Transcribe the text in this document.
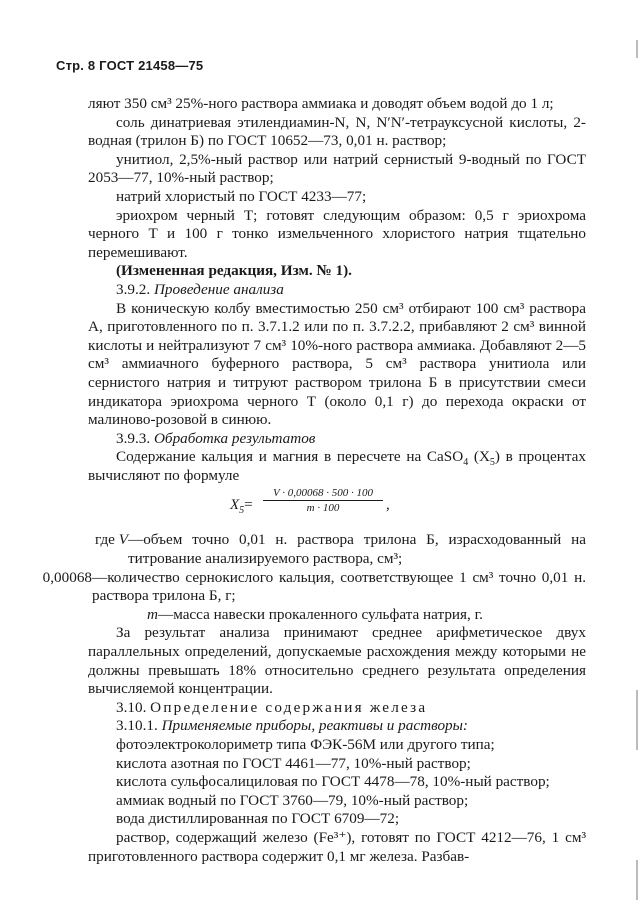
Стр. 8 ГОСТ 21458—75

ляют 350 см³ 25%-ного раствора аммиака и доводят объем водой до 1 л;

соль динатриевая этилендиамин-N, N, N′N′-тетрауксусной кислоты, 2-водная (трилон Б) по ГОСТ 10652—73, 0,01 н. раствор;

унитиол, 2,5%-ный раствор или натрий сернистый 9-водный по ГОСТ 2053—77, 10%-ный раствор;

натрий хлористый по ГОСТ 4233—77;

эриохром черный Т; готовят следующим образом: 0,5 г эриохрома черного Т и 100 г тонко измельченного хлористого натрия тщательно перемешивают.

(Измененная редакция, Изм. № 1).

3.9.2. Проведение анализа

В коническую колбу вместимостью 250 см³ отбирают 100 см³ раствора А, приготовленного по п. 3.7.1.2 или по п. 3.7.2.2, прибавляют 2 см³ винной кислоты и нейтрализуют 7 см³ 10%-ного раствора аммиака. Добавляют 2—5 см³ аммиачного буферного раствора, 5 см³ раствора унитиола или сернистого натрия и титруют раствором трилона Б в присутствии смеси индикатора эриохрома черного Т (около 0,1 г) до перехода окраски от малиново-розовой в синюю.

3.9.3. Обработка результатов

Содержание кальция и магния в пересчете на CaSO$_4$ $(X_5)$ в процентах вычисляют по формуле

$X_5= \frac{V \cdot 0,00068 \cdot 500 \cdot 100}{m \cdot 100}$ ,
где V —объем точно 0,01 н. раствора трилона Б, израсходованный на титрование анализируемого раствора, см³;
0,00068 —количество сернокислого кальция, соответствующее 1 см³ точно 0,01 н. раствора трилона Б, г;
m —масса навески прокаленного сульфата натрия, г.

За результат анализа принимают среднее арифметическое двух параллельных определений, допускаемые расхождения между которыми не должны превышать 18% относительно среднего результата определения вычисляемой концентрации.

3.10. Определение содержания железа

3.10.1. Применяемые приборы, реактивы и растворы:

фотоэлектроколориметр типа ФЭК-56М или другого типа;

кислота азотная по ГОСТ 4461—77, 10%-ный раствор;

кислота сульфосалициловая по ГОСТ 4478—78, 10%-ный раствор;

аммиак водный по ГОСТ 3760—79, 10%-ный раствор;

вода дистиллированная по ГОСТ 6709—72;

раствор, содержащий железо (Fe³⁺), готовят по ГОСТ 4212—76, 1 см³ приготовленного раствора содержит 0,1 мг железа. Разбав-
